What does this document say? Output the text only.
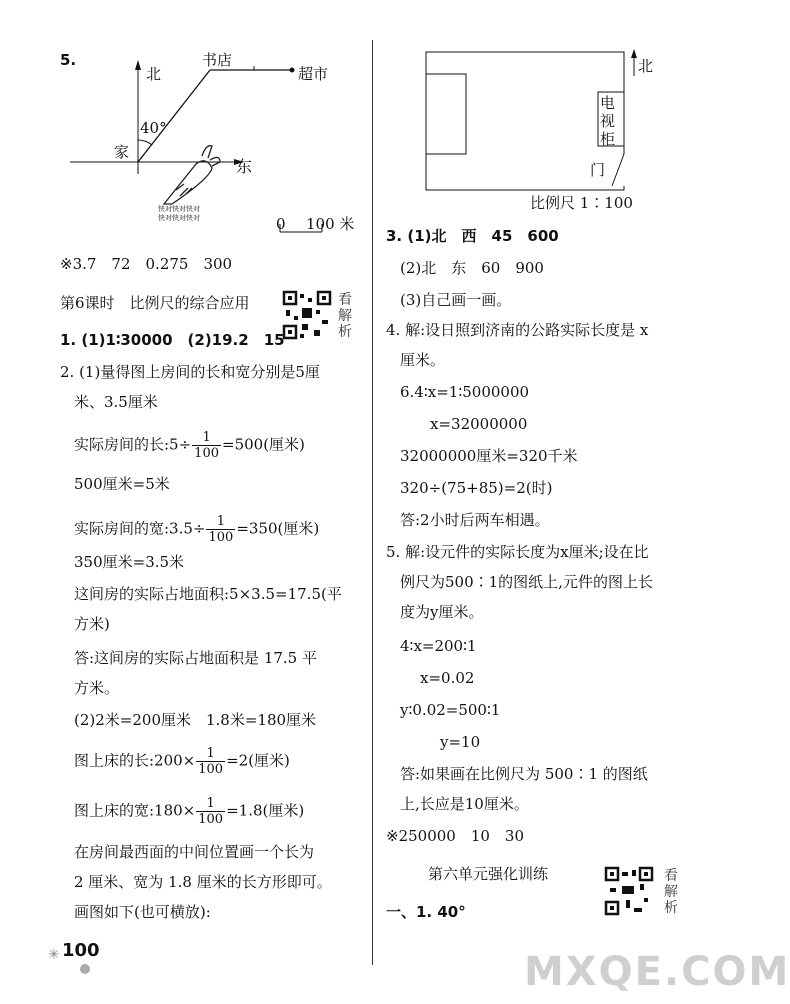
5.
北
书店
超市
40°
家
东
快对快对快对
快对快对快对	0 100 米
※3.7　72　0.275　300
第6课时　比例尺的综合应用	看解析
1. (1)1∶30000　(2)19.2　15
2. (1)量得图上房间的长和宽分别是5厘
米、3.5厘米
实际房间的长:5÷ $\frac{1}{100} =500$(厘米)
500厘米=5米
实际房间的宽:3.5÷ $\frac{1}{100} =350$(厘米)
350厘米=3.5米
这间房的实际占地面积:5×3.5=17.5(平
方米)
答:这间房的实际占地面积是 17.5 平
方米。
(2)2米=200厘米　1.8米=180厘米
图上床的长:200× $\frac{1}{100} =2$(厘米)
图上床的宽:180× $\frac{1}{100} =1.8$(厘米)
在房间最西面的中间位置画一个长为
2 厘米、宽为 1.8 厘米的长方形即可。
画图如下(也可横放):
✳ 100
北
电视柜
门
比例尺 1∶100
3. (1)北　西　45　600
(2)北　东　60　900
(3)自己画一画。
4. 解:设日照到济南的公路实际长度是 x
厘米。
6.4∶x=1∶5000000
x=32000000
32000000厘米=320千米
320÷(75+85)=2(时)
答:2小时后两车相遇。
5. 解:设元件的实际长度为x厘米;设在比
例尺为500∶1的图纸上,元件的图上长
度为y厘米。
4∶x=200∶1
x=0.02
y∶0.02=500∶1
y=10
答:如果画在比例尺为 500∶1 的图纸
上,长应是10厘米。
※250000　10　30
第六单元强化训练	看解析
一、1. 40°
MXQE.COM
